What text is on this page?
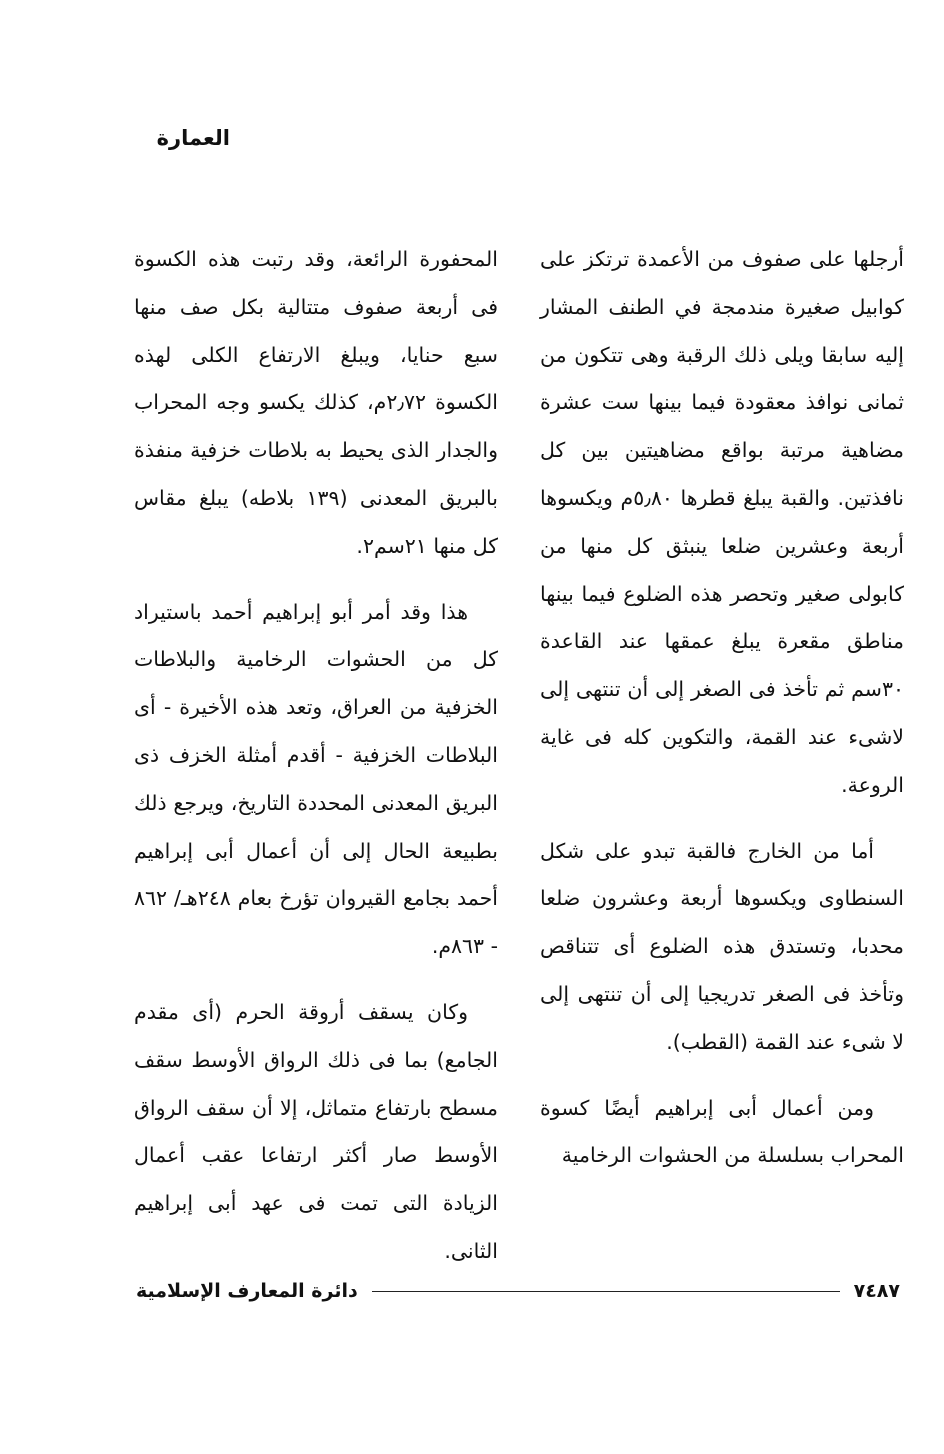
العمارة

أرجلها على صفوف من الأعمدة ترتكز على كوابيل صغيرة مندمجة في الطنف المشار إليه سابقا ويلى ذلك الرقبة وهى تتكون من ثمانى نوافذ معقودة فيما بينها ست عشرة مضاهية مرتبة بواقع مضاهيتين بين كل نافذتين. والقبة يبلغ قطرها ٥٫٨٠م ويكسوها أربعة وعشرين ضلعا ينبثق كل منها من كابولى صغير وتحصر هذه الضلوع فيما بينها مناطق مقعرة يبلغ عمقها عند القاعدة ٣٠سم ثم تأخذ فى الصغر إلى أن تنتهى إلى لاشىء عند القمة، والتكوين كله فى غاية الروعة.

أما من الخارج فالقبة تبدو على شكل السنطاوى ويكسوها أربعة وعشرون ضلعا محدبا، وتستدق هذه الضلوع أى تتناقص وتأخذ فى الصغر تدريجيا إلى أن تنتهى إلى لا شىء عند القمة (القطب).

ومن أعمال أبى إبراهيم أيضًا كسوة المحراب بسلسلة من الحشوات الرخامية

المحفورة الرائعة، وقد رتبت هذه الكسوة فى أربعة صفوف متتالية بكل صف منها سبع حنايا، ويبلغ الارتفاع الكلى لهذه الكسوة ٢٫٧٢م، كذلك يكسو وجه المحراب والجدار الذى يحيط به بلاطات خزفية منفذة بالبريق المعدنى (١٣٩ بلاطه) يبلغ مقاس كل منها ٢١سم٢.

هذا وقد أمر أبو إبراهيم أحمد باستيراد كل من الحشوات الرخامية والبلاطات الخزفية من العراق، وتعد هذه الأخيرة - أى البلاطات الخزفية - أقدم أمثلة الخزف ذى البريق المعدنى المحددة التاريخ، ويرجع ذلك بطبيعة الحال إلى أن أعمال أبى إبراهيم أحمد بجامع القيروان تؤرخ بعام ٢٤٨هـ/ ٨٦٢ - ٨٦٣م.

وكان يسقف أروقة الحرم (أى مقدم الجامع) بما فى ذلك الرواق الأوسط سقف مسطح بارتفاع متماثل، إلا أن سقف الرواق الأوسط صار أكثر ارتفاعا عقب أعمال الزيادة التى تمت فى عهد أبى إبراهيم الثانى.

دائرة المعارف الإسلامية	٧٤٨٧
